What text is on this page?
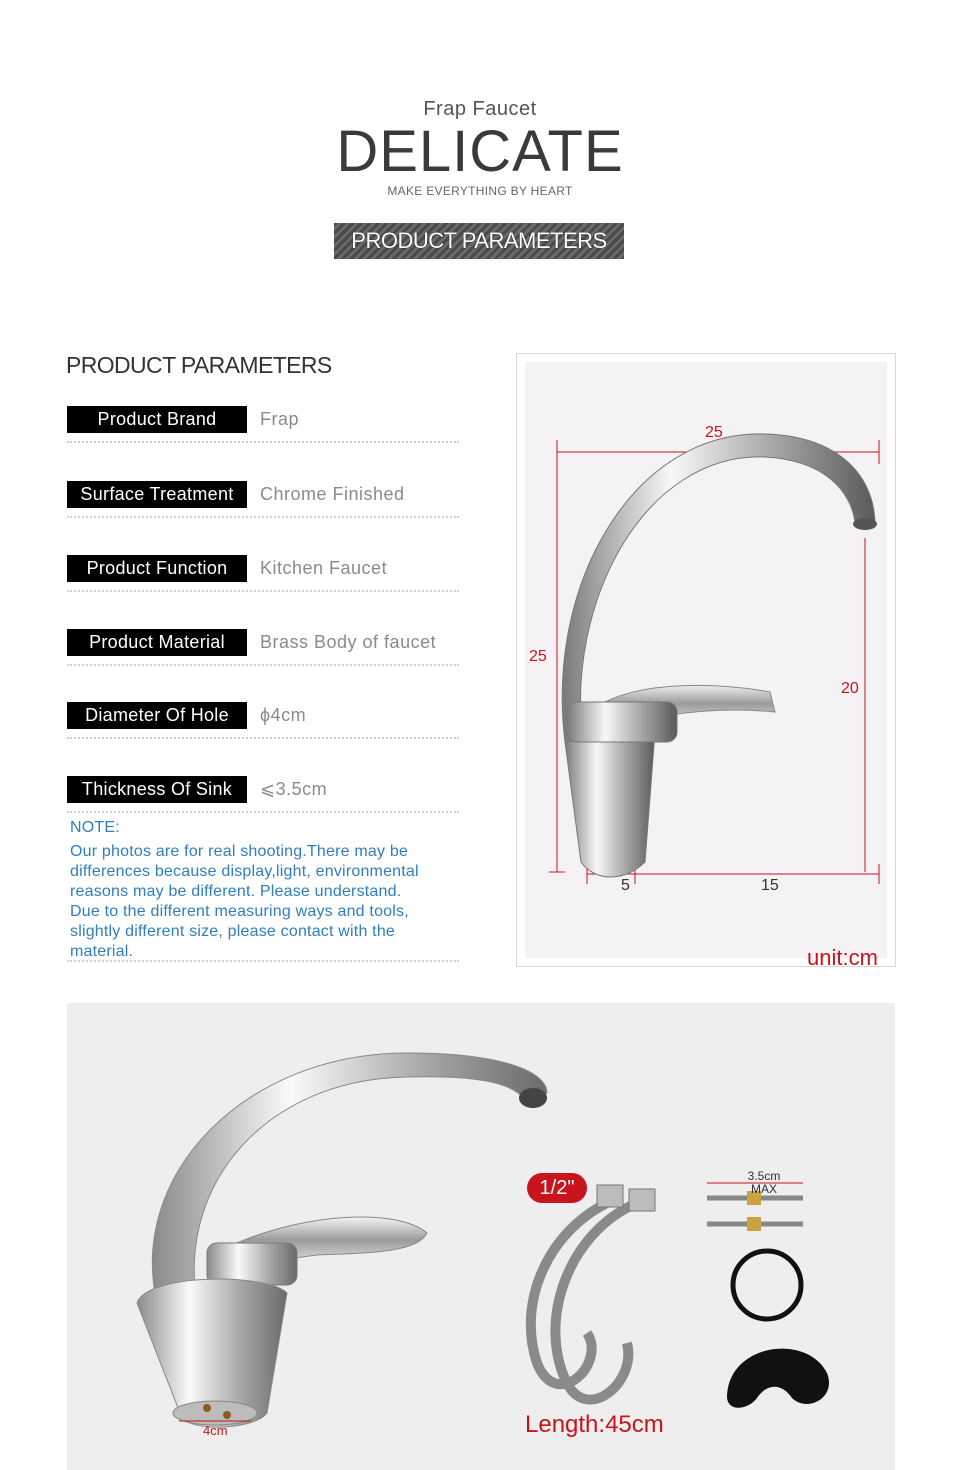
Frap Faucet
DELICATE
MAKE EVERYTHING BY HEART
PRODUCT PARAMETERS
PRODUCT PARAMETERS
Product Brand	Frap
Surface Treatment	Chrome Finished
Product Function	Kitchen Faucet
Product Material	Brass Body of faucet
Diameter Of Hole	ϕ4cm
Thickness Of Sink	⩽3.5cm
NOTE:
Our photos are for real shooting.There may be
differences because display,light, environmental
reasons may be different. Please understand.
Due to the different measuring ways and tools,
slightly different size, please contact with the
material.
25
25
20
5	15
unit:cm
1/2"
3.5cm
MAX
4cm	Length:45cm
